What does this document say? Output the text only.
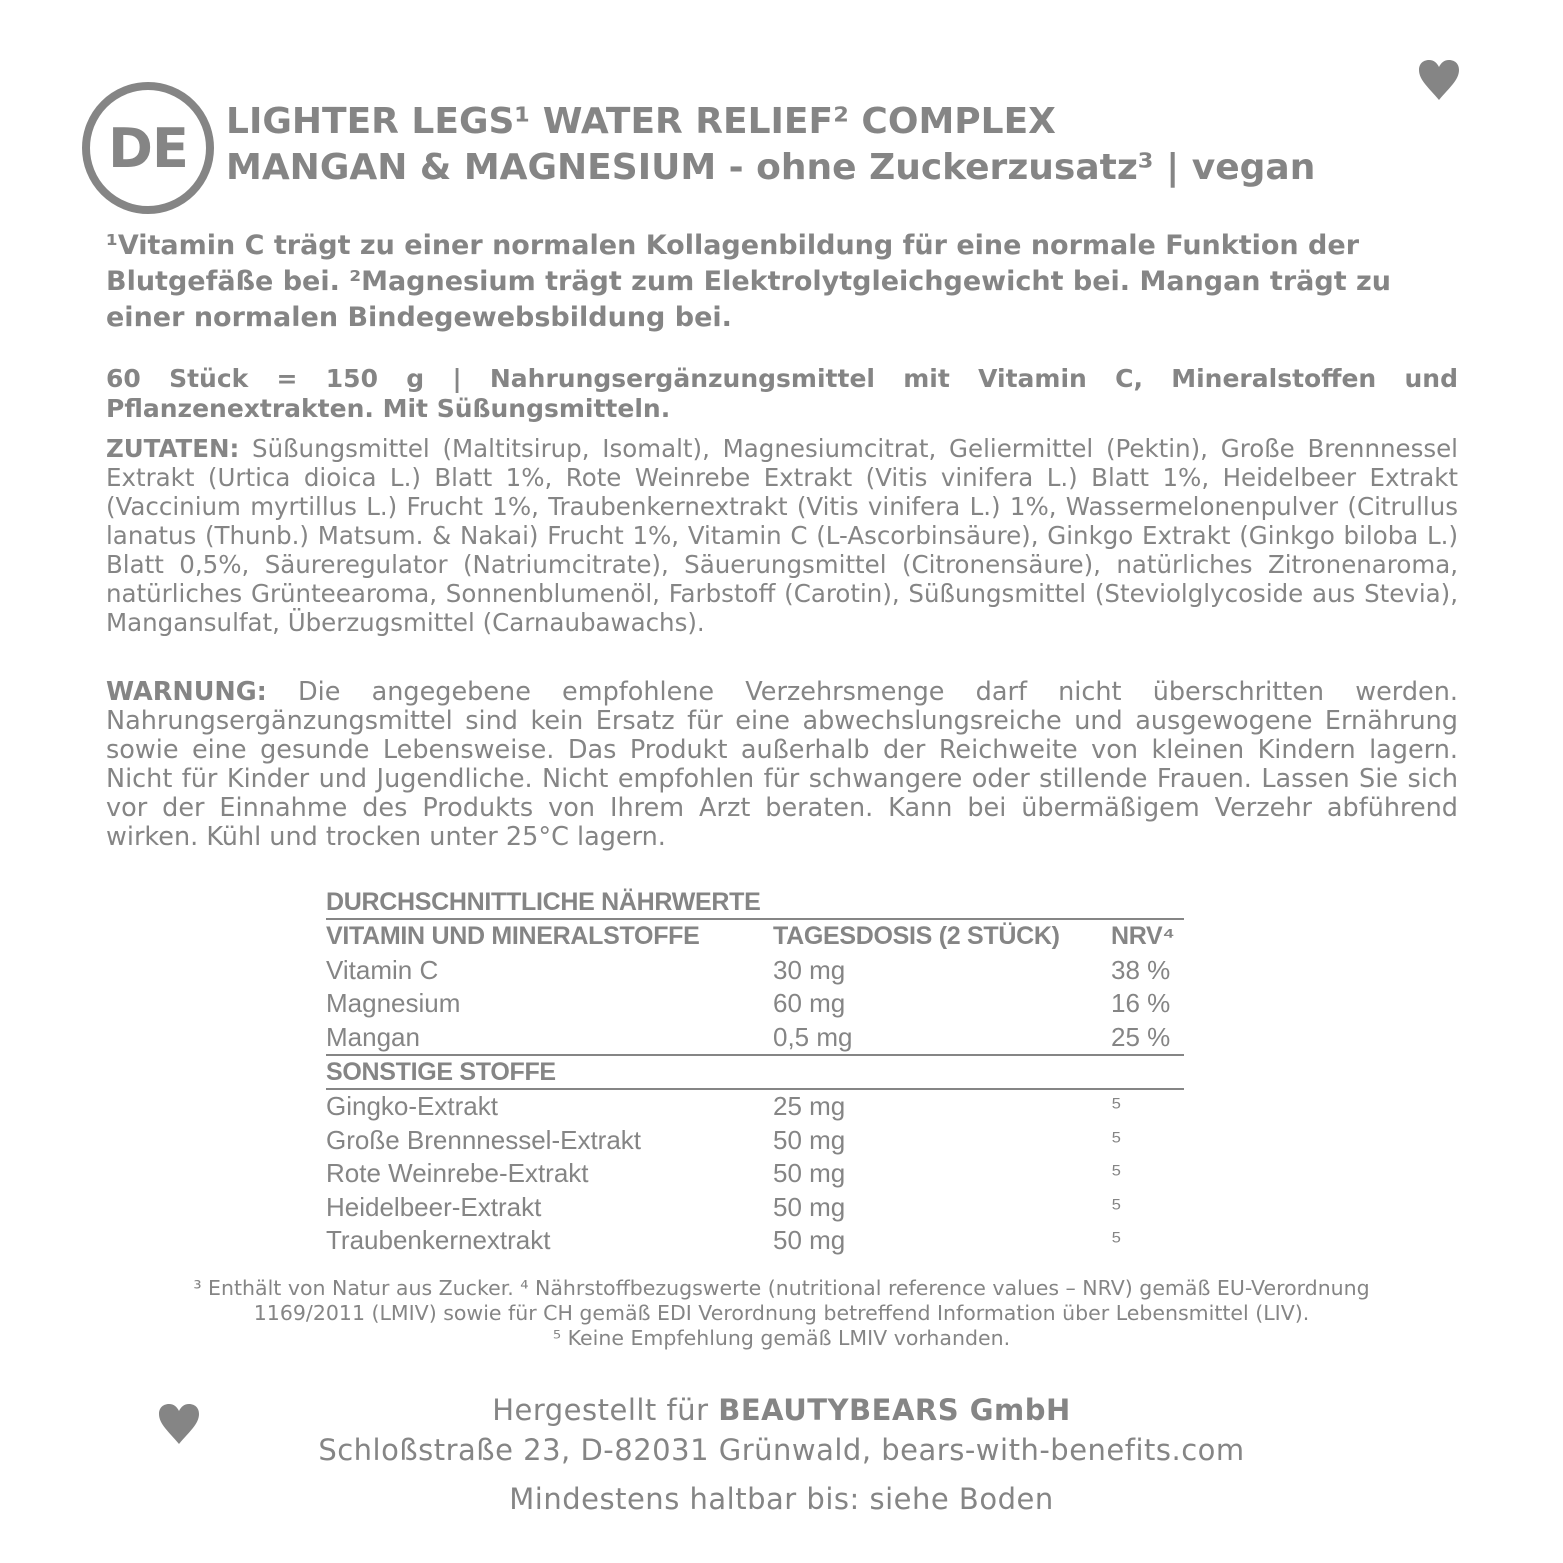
DE LIGHTER LEGS¹ WATER RELIEF² COMPLEX
MANGAN & MAGNESIUM - ohne Zuckerzusatz³ | vegan
¹Vitamin C trägt zu einer normalen Kollagenbildung für eine normale Funktion der Blutgefäße bei. ²Magnesium trägt zum Elektrolytgleichgewicht bei. Mangan trägt zu einer normalen Bindegewebsbildung bei.
60 Stück = 150 g | Nahrungsergänzungsmittel mit Vitamin C, Mineralstoffen und Pflanzenextrakten. Mit Süßungsmitteln.
ZUTATEN: Süßungsmittel (Maltitsirup, Isomalt), Magnesiumcitrat, Geliermittel (Pektin), Große Brennnessel Extrakt (Urtica dioica L.) Blatt 1%, Rote Weinrebe Extrakt (Vitis vinifera L.) Blatt 1%, Heidelbeer Extrakt (Vaccinium myrtillus L.) Frucht 1%, Traubenkernextrakt (Vitis vinifera L.) 1%, Wassermelonenpulver (Citrullus lanatus (Thunb.) Matsum. & Nakai) Frucht 1%, Vitamin C (L-Ascorbinsäure), Ginkgo Extrakt (Ginkgo biloba L.) Blatt 0,5%, Säureregulator (Natriumcitrate), Säuerungsmittel (Citronensäure), natürliches Zitronenaroma, natürliches Grünteearoma, Sonnenblumenöl, Farbstoff (Carotin), Süßungsmittel (Steviolglycoside aus Stevia), Mangansulfat, Überzugsmittel (Carnaubawachs).
WARNUNG: Die angegebene empfohlene Verzehrsmenge darf nicht überschritten werden. Nahrungsergänzungsmittel sind kein Ersatz für eine abwechslungsreiche und ausgewogene Ernährung sowie eine gesunde Lebensweise. Das Produkt außerhalb der Reichweite von kleinen Kindern lagern. Nicht für Kinder und Jugendliche. Nicht empfohlen für schwangere oder stillende Frauen. Lassen Sie sich vor der Einnahme des Produkts von Ihrem Arzt beraten. Kann bei übermäßigem Verzehr abführend wirken. Kühl und trocken unter 25°C lagern.
DURCHSCHNITTLICHE NÄHRWERTE
VITAMIN UND MINERALSTOFFE	TAGESDOSIS (2 STÜCK)	NRV⁴
Vitamin C	30 mg	38 %
Magnesium	60 mg	16 %
Mangan	0,5 mg	25 %
SONSTIGE STOFFE
Gingko-Extrakt	25 mg	⁵
Große Brennnessel-Extrakt	50 mg	⁵
Rote Weinrebe-Extrakt	50 mg	⁵
Heidelbeer-Extrakt	50 mg	⁵
Traubenkernextrakt	50 mg	⁵
³ Enthält von Natur aus Zucker. ⁴ Nährstoffbezugswerte (nutritional reference values – NRV) gemäß EU-Verordnung
1169/2011 (LMIV) sowie für CH gemäß EDI Verordnung betreffend Information über Lebensmittel (LIV).
⁵ Keine Empfehlung gemäß LMIV vorhanden.
Hergestellt für BEAUTYBEARS GmbH
Schloßstraße 23, D-82031 Grünwald, bears-with-benefits.com
Mindestens haltbar bis: siehe Boden
